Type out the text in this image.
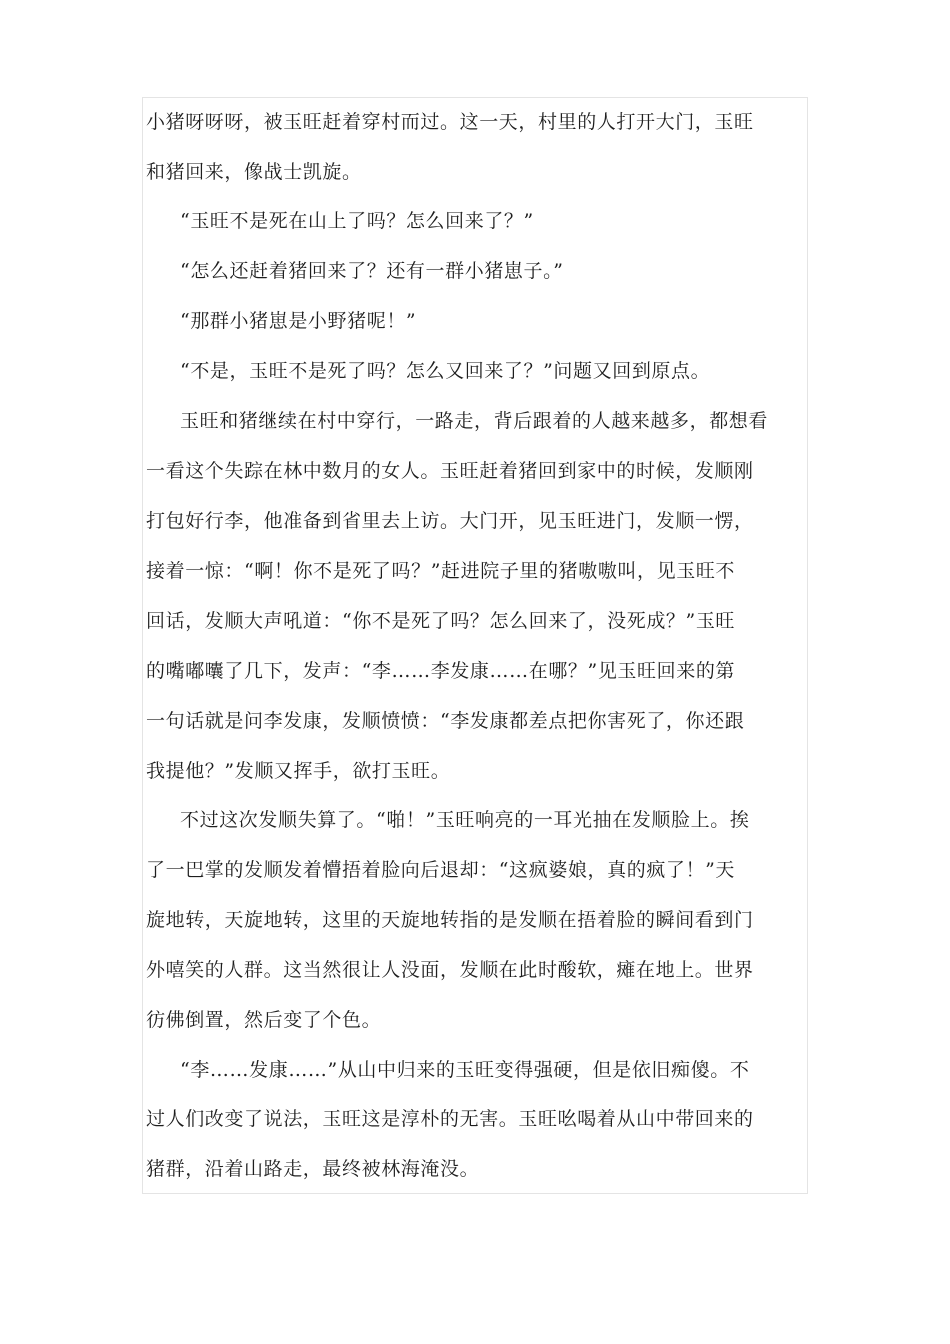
小猪呀呀呀，被玉旺赶着穿村而过。这一天，村里的人打开大门，玉旺
和猪回来，像战士凯旋。
“玉旺不是死在山上了吗？怎么回来了？”
“怎么还赶着猪回来了？还有一群小猪崽子。”
“那群小猪崽是小野猪呢！”
“不是，玉旺不是死了吗？怎么又回来了？”问题又回到原点。
玉旺和猪继续在村中穿行，一路走，背后跟着的人越来越多，都想看
一看这个失踪在林中数月的女人。玉旺赶着猪回到家中的时候，发顺刚
打包好行李，他准备到省里去上访。大门开，见玉旺进门，发顺一愣，
接着一惊：“啊！你不是死了吗？”赶进院子里的猪嗷嗷叫，见玉旺不
回话，发顺大声吼道：“你不是死了吗？怎么回来了，没死成？”玉旺
的嘴嘟囔了几下，发声：“李……李发康……在哪？”见玉旺回来的第
一句话就是问李发康，发顺愤愤：“李发康都差点把你害死了，你还跟
我提他？”发顺又挥手，欲打玉旺。
不过这次发顺失算了。“啪！”玉旺响亮的一耳光抽在发顺脸上。挨
了一巴掌的发顺发着懵捂着脸向后退却：“这疯婆娘，真的疯了！”天
旋地转，天旋地转，这里的天旋地转指的是发顺在捂着脸的瞬间看到门
外嘻笑的人群。这当然很让人没面，发顺在此时酸软，瘫在地上。世界
彷佛倒置，然后变了个色。
“李……发康……”从山中归来的玉旺变得强硬，但是依旧痴傻。不
过人们改变了说法，玉旺这是淳朴的无害。玉旺吆喝着从山中带回来的
猪群，沿着山路走，最终被林海淹没。
